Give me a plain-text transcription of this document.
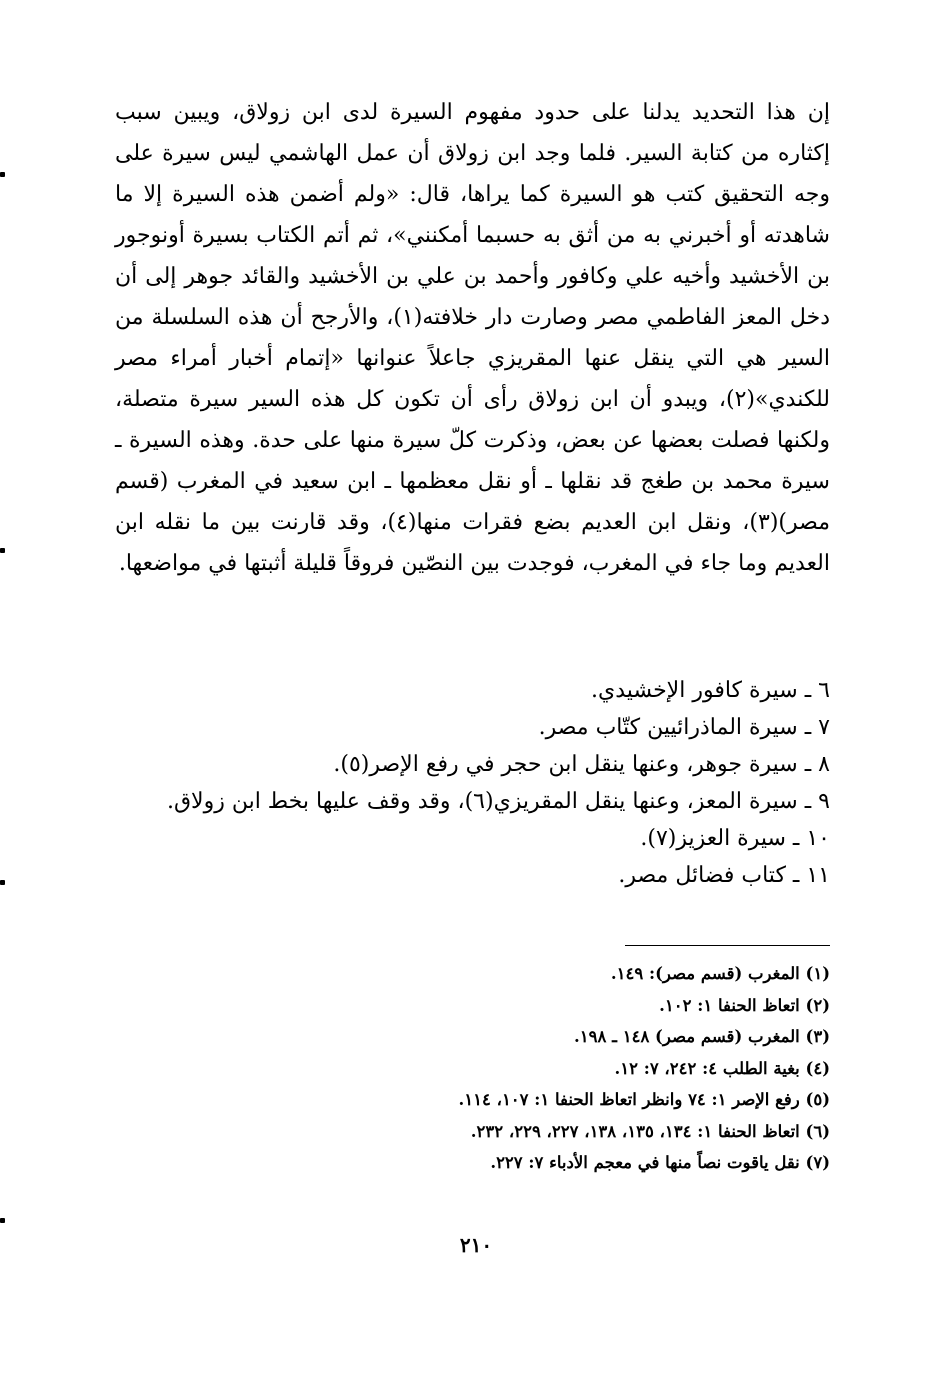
إن هذا التحديد يدلنا على حدود مفهوم السيرة لدى ابن زولاق، ويبين سبب إكثاره من كتابة السير. فلما وجد ابن زولاق أن عمل الهاشمي ليس سيرة على وجه التحقيق كتب هو السيرة كما يراها، قال: «ولم أضمن هذه السيرة إلا ما شاهدته أو أخبرني به من أثق به حسبما أمكنني»، ثم أتم الكتاب بسيرة أونوجور بن الأخشيد وأخيه علي وكافور وأحمد بن علي بن الأخشيد والقائد جوهر إلى أن دخل المعز الفاطمي مصر وصارت دار خلافته(١)، والأرجح أن هذه السلسلة من السير هي التي ينقل عنها المقريزي جاعلاً عنوانها «إتمام أخبار أمراء مصر للكندي»(٢)، ويبدو أن ابن زولاق رأى أن تكون كل هذه السير سيرة متصلة، ولكنها فصلت بعضها عن بعض، وذكرت كلّ سيرة منها على حدة. وهذه السيرة ـ سيرة محمد بن طغج قد نقلها ـ أو نقل معظمها ـ ابن سعيد في المغرب (قسم مصر)(٣)، ونقل ابن العديم بضع فقرات منها(٤)، وقد قارنت بين ما نقله ابن العديم وما جاء في المغرب، فوجدت بين النصّين فروقاً قليلة أثبتها في مواضعها.

٦ ـ سيرة كافور الإخشيدي.
٧ ـ سيرة الماذرائيين كتّاب مصر.
٨ ـ سيرة جوهر، وعنها ينقل ابن حجر في رفع الإصر(٥).
٩ ـ سيرة المعز، وعنها ينقل المقريزي(٦)، وقد وقف عليها بخط ابن زولاق.
١٠ ـ سيرة العزيز(٧).
١١ ـ كتاب فضائل مصر.
(١) المغرب (قسم مصر): ١٤٩.
(٢) اتعاظ الحنفا ١: ١٠٢.
(٣) المغرب (قسم مصر) ١٤٨ ـ ١٩٨.
(٤) بغية الطلب ٤: ٢٤٢، ٧: ١٢.
(٥) رفع الإصر ١: ٧٤ وانظر اتعاظ الحنفا ١: ١٠٧، ١١٤.
(٦) اتعاظ الحنفا ١: ١٣٤، ١٣٥، ١٣٨، ٢٢٧، ٢٢٩، ٢٣٢.
(٧) نقل ياقوت نصاً منها في معجم الأدباء ٧: ٢٢٧.
٢١٠
